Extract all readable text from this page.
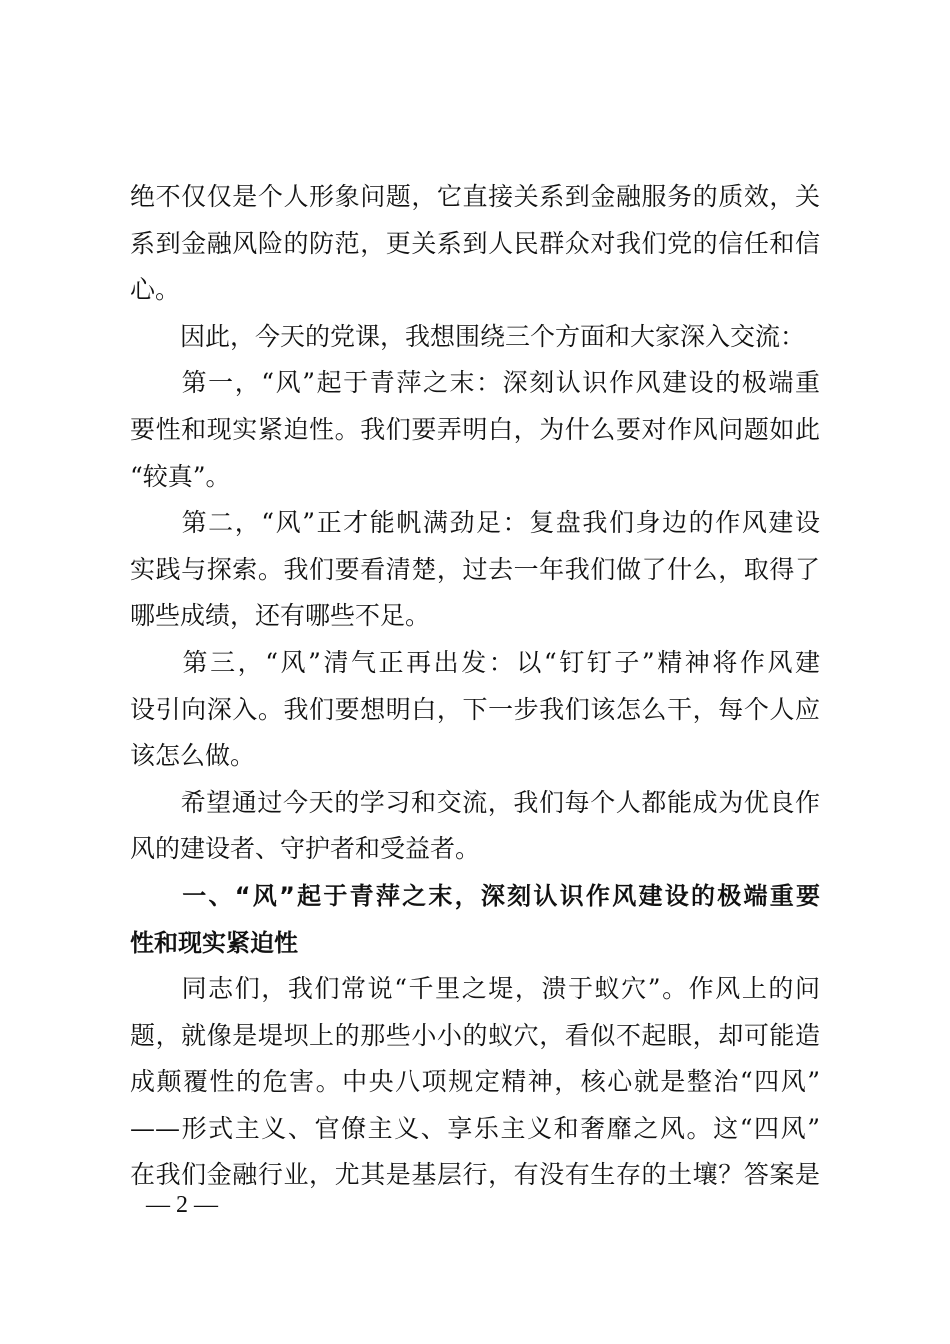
绝不仅仅是个人形象问题，它直接关系到金融服务的质效，关
系到金融风险的防范，更关系到人民群众对我们党的信任和信
心。
因此，今天的党课，我想围绕三个方面和大家深入交流：
第一，“风”起于青萍之末：深刻认识作风建设的极端重
要性和现实紧迫性。我们要弄明白，为什么要对作风问题如此
“较真”。
第二，“风”正才能帆满劲足：复盘我们身边的作风建设
实践与探索。我们要看清楚，过去一年我们做了什么，取得了
哪些成绩，还有哪些不足。
第三，“风”清气正再出发：以“钉钉子”精神将作风建
设引向深入。我们要想明白，下一步我们该怎么干，每个人应
该怎么做。
希望通过今天的学习和交流，我们每个人都能成为优良作
风的建设者、守护者和受益者。
一、“风”起于青萍之末，深刻认识作风建设的极端重要
性和现实紧迫性
同志们，我们常说“千里之堤，溃于蚁穴”。作风上的问
题，就像是堤坝上的那些小小的蚁穴，看似不起眼，却可能造
成颠覆性的危害。中央八项规定精神，核心就是整治“四风”
——形式主义、官僚主义、享乐主义和奢靡之风。这“四风”
在我们金融行业，尤其是基层行，有没有生存的土壤？答案是
— 2 —
